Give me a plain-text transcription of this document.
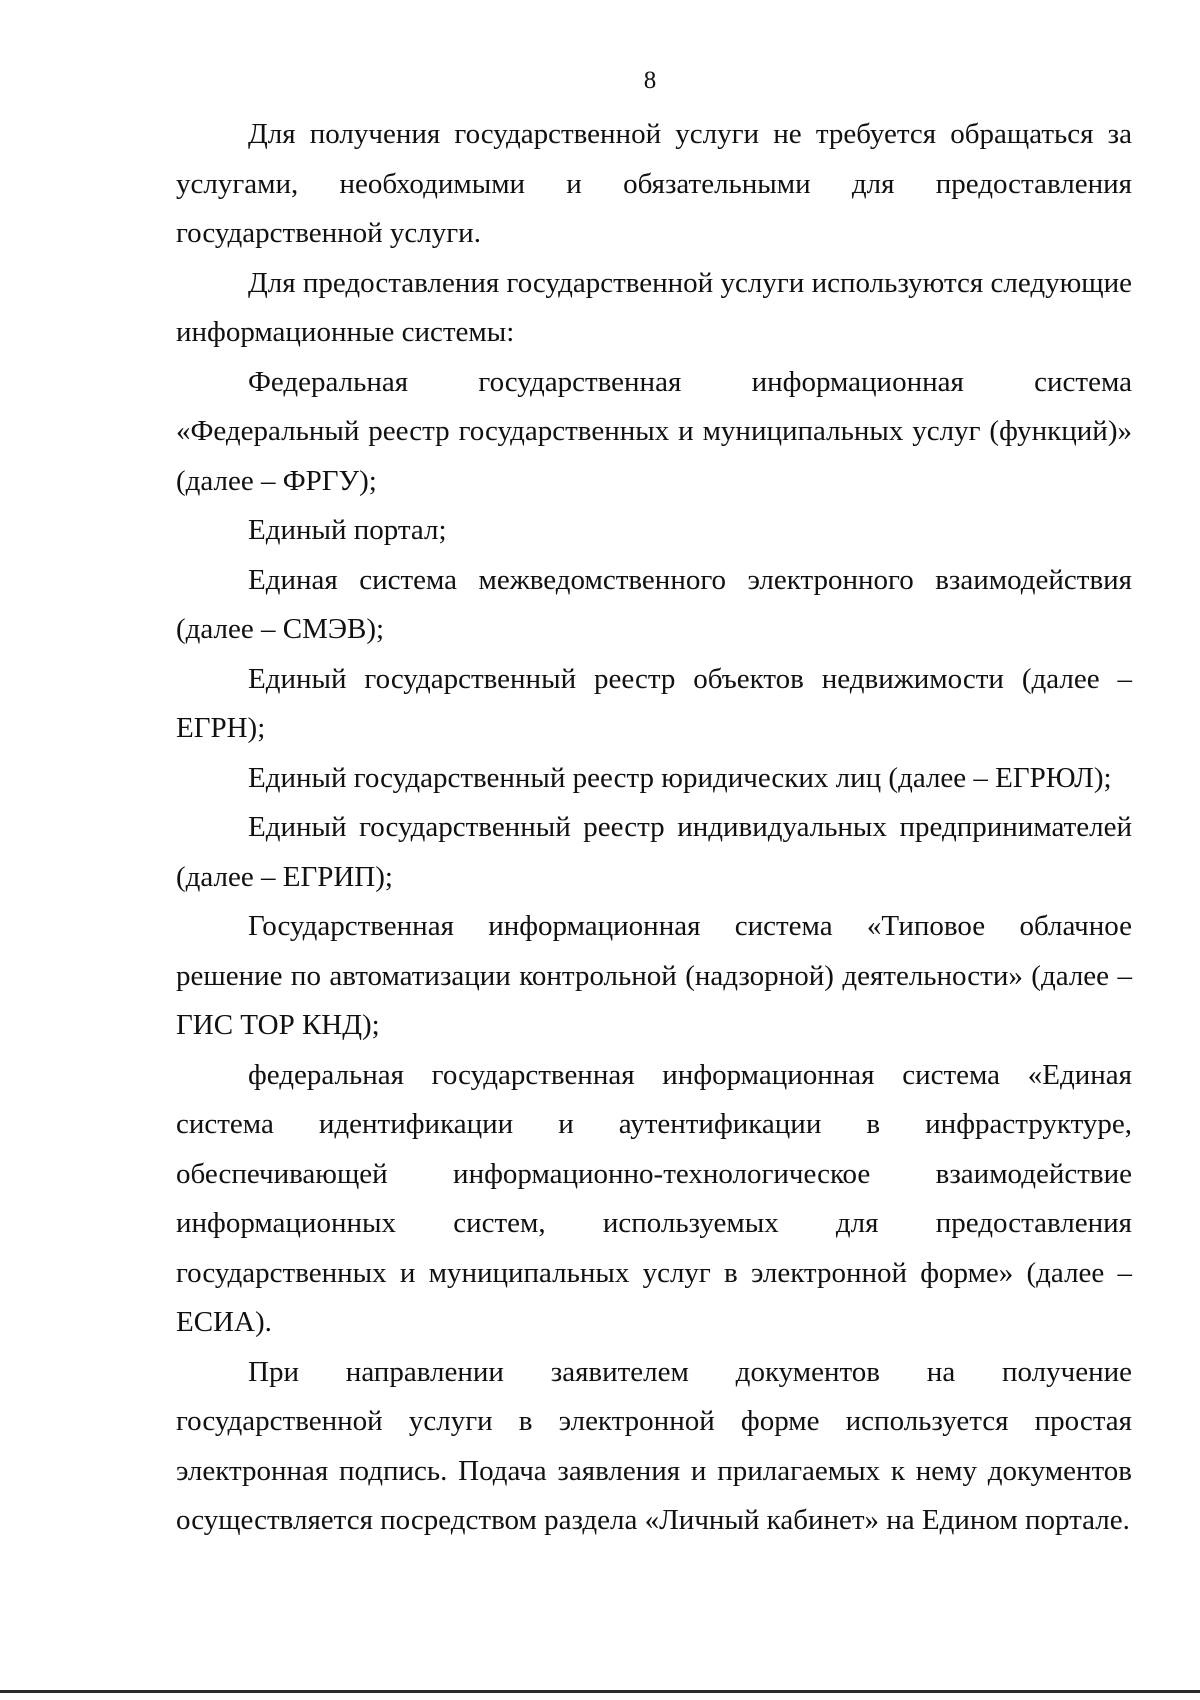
8

Для получения государственной услуги не требуется обращаться за услугами, необходимыми и обязательными для предоставления государственной услуги.

Для предоставления государственной услуги используются следующие информационные системы:

Федеральная государственная информационная система «Федеральный реестр государственных и муниципальных услуг (функций)» (далее – ФРГУ);

Единый портал;

Единая система межведомственного электронного взаимодействия (далее – СМЭВ);

Единый государственный реестр объектов недвижимости (далее – ЕГРН);

Единый государственный реестр юридических лиц (далее – ЕГРЮЛ);

Единый государственный реестр индивидуальных предпринимателей (далее – ЕГРИП);

Государственная информационная система «Типовое облачное решение по автоматизации контрольной (надзорной) деятельности» (далее – ГИС ТОР КНД);

федеральная государственная информационная система «Единая система идентификации и аутентификации в инфраструктуре, обеспечивающей информационно-технологическое взаимодействие информационных систем, используемых для предоставления государственных и муниципальных услуг в электронной форме» (далее – ЕСИА).

При направлении заявителем документов на получение государственной услуги в электронной форме используется простая электронная подпись. Подача заявления и прилагаемых к нему документов осуществляется посредством раздела «Личный кабинет» на Едином портале.
